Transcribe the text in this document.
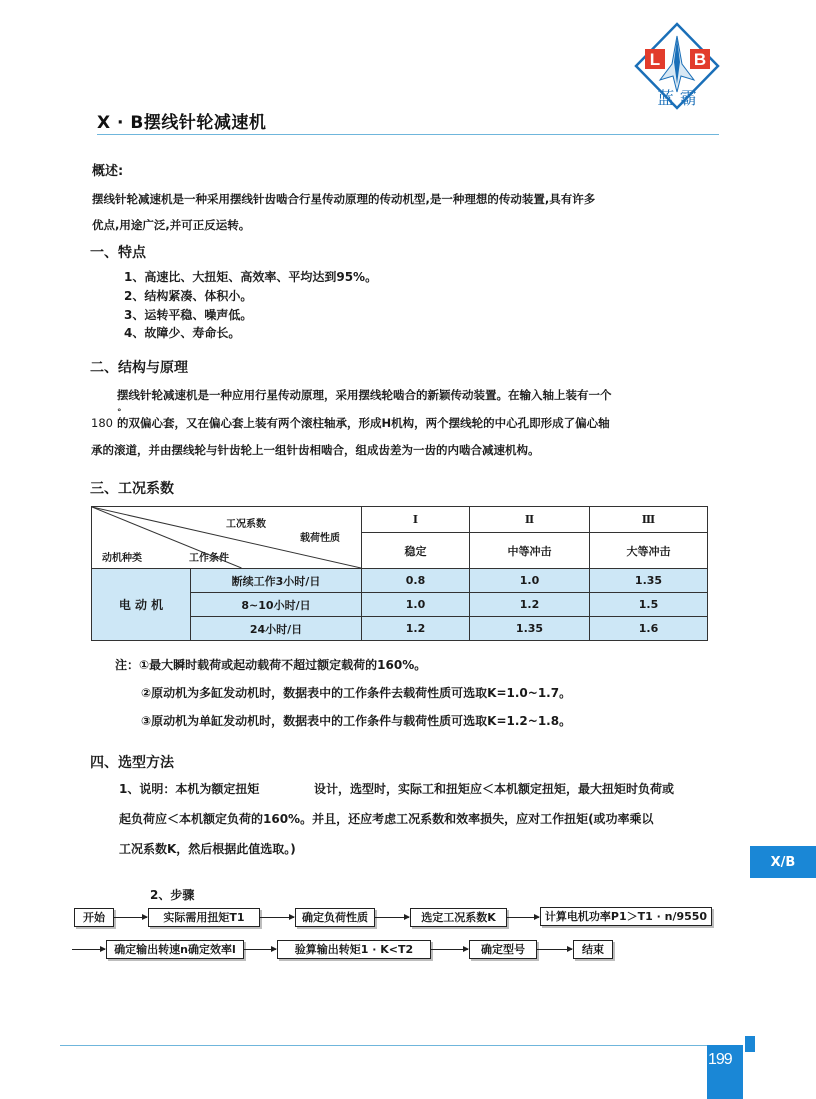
L B
蓝 霸
X · B摆线针轮减速机
概述:
摆线针轮减速机是一种采用摆线针齿啮合行星传动原理的传动机型,是一种理想的传动装置,具有许多
优点,用途广泛,并可正反运转。
一、特点
1、高速比、大扭矩、高效率、平均达到95%。
2、结构紧凑、体积小。
3、运转平稳、噪声低。
4、故障少、寿命长。
二、结构与原理
摆线针轮减速机是一种应用行星传动原理，采用摆线轮啮合的新颖传动装置。在输入轴上装有一个
180
°
的双偏心套，又在偏心套上装有两个滚柱轴承，形成H机构，两个摆线轮的中心孔即形成了偏心轴
承的滚道，并由摆线轮与针齿轮上一组针齿相啮合，组成齿差为一齿的内啮合减速机构。
三、工况系数
工况系数
载荷性质
动机种类 工作条件		Ⅰ	Ⅱ	Ⅲ
		稳定	中等冲击	大等冲击
电 动 机	断续工作3小时/日	0.8	1.0	1.35
	8~10小时/日	1.0	1.2	1.5
	24小时/日	1.2	1.35	1.6
注：①最大瞬时载荷或起动载荷不超过额定载荷的160%。
②原动机为多缸发动机时，数据表中的工作条件去载荷性质可选取K=1.0~1.7。
③原动机为单缸发动机时，数据表中的工作条件与载荷性质可选取K=1.2~1.8。
四、选型方法
1、说明：本机为额定扭矩	设计，选型时，实际工和扭矩应＜本机额定扭矩，最大扭矩时负荷或
起负荷应＜本机额定负荷的160%。并且，还应考虑工况系数和效率损失，应对工作扭矩(或功率乘以
工况系数K，然后根据此值选取。)
X/B
2、步骤
开始	实际需用扭矩T1	确定负荷性质	选定工况系数K	计算电机功率P1＞T1 · n/9550
确定输出转速n确定效率l	验算输出转矩1 · K<T2	确定型号	结束
199
